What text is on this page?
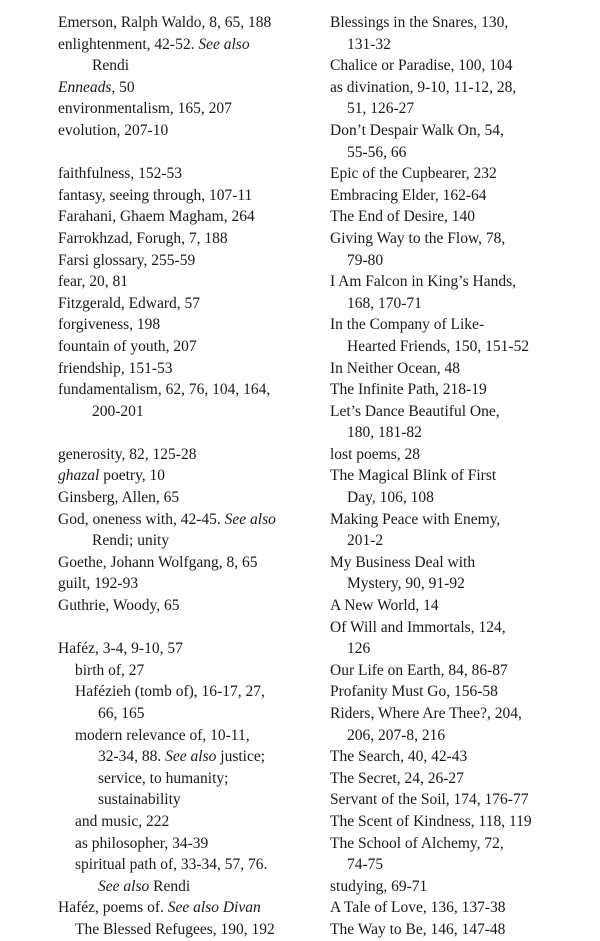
Emerson, Ralph Waldo, 8, 65, 188
enlightenment, 42-52. See also
Rendi
Enneads, 50
environmentalism, 165, 207
evolution, 207-10
faithfulness, 152-53
fantasy, seeing through, 107-11
Farahani, Ghaem Magham, 264
Farrokhzad, Forugh, 7, 188
Farsi glossary, 255-59
fear, 20, 81
Fitzgerald, Edward, 57
forgiveness, 198
fountain of youth, 207
friendship, 151-53
fundamentalism, 62, 76, 104, 164,
200-201
generosity, 82, 125-28
ghazal poetry, 10
Ginsberg, Allen, 65
God, oneness with, 42-45. See also
Rendi; unity
Goethe, Johann Wolfgang, 8, 65
guilt, 192-93
Guthrie, Woody, 65
Haféz, 3-4, 9-10, 57
birth of, 27
Hafézieh (tomb of), 16-17, 27,
66, 165
modern relevance of, 10-11,
32-34, 88. See also justice;
service, to humanity;
sustainability
and music, 222
as philosopher, 34-39
spiritual path of, 33-34, 57, 76.
See also Rendi
Haféz, poems of. See also Divan
The Blessed Refugees, 190, 192
Blessings in the Snares, 130,
131-32
Chalice or Paradise, 100, 104
as divination, 9-10, 11-12, 28,
51, 126-27
Don’t Despair Walk On, 54,
55-56, 66
Epic of the Cupbearer, 232
Embracing Elder, 162-64
The End of Desire, 140
Giving Way to the Flow, 78,
79-80
I Am Falcon in King’s Hands,
168, 170-71
In the Company of Like-
Hearted Friends, 150, 151-52
In Neither Ocean, 48
The Infinite Path, 218-19
Let’s Dance Beautiful One,
180, 181-82
lost poems, 28
The Magical Blink of First
Day, 106, 108
Making Peace with Enemy,
201-2
My Business Deal with
Mystery, 90, 91-92
A New World, 14
Of Will and Immortals, 124,
126
Our Life on Earth, 84, 86-87
Profanity Must Go, 156-58
Riders, Where Are Thee?, 204,
206, 207-8, 216
The Search, 40, 42-43
The Secret, 24, 26-27
Servant of the Soil, 174, 176-77
The Scent of Kindness, 118, 119
The School of Alchemy, 72,
74-75
studying, 69-71
A Tale of Love, 136, 137-38
The Way to Be, 146, 147-48
